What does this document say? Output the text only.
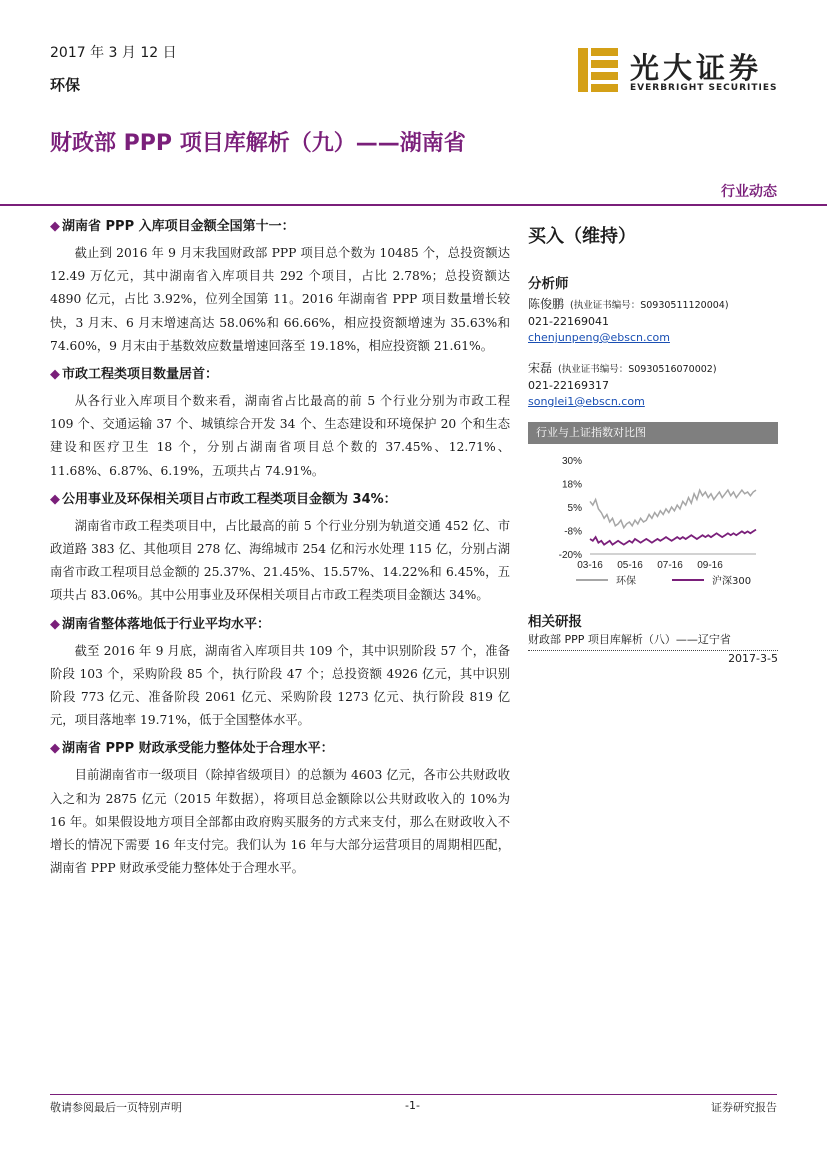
2017 年 3 月 12 日
环保	光大证券
EVERBRIGHT SECURITIES
财政部 PPP 项目库解析（九）——湖南省
行业动态
◆ 湖南省 PPP 入库项目金额全国第十一：

截止到 2016 年 9 月末我国财政部 PPP 项目总个数为 10485 个，总投资额达 12.49 万亿元，其中湖南省入库项目共 292 个项目，占比 2.78%；总投资额达 4890 亿元，占比 3.92%，位列全国第 11。2016 年湖南省 PPP 项目数量增长较快，3 月末、6 月末增速高达 58.06%和 66.66%，相应投资额增速为 35.63%和 74.60%，9 月末由于基数效应数量增速回落至 19.18%，相应投资额 21.61%。

◆ 市政工程类项目数量居首：

从各行业入库项目个数来看，湖南省占比最高的前 5 个行业分别为市政工程 109 个、交通运输 37 个、城镇综合开发 34 个、生态建设和环境保护 20 个和生态建设和医疗卫生 18 个，分别占湖南省项目总个数的 37.45%、12.71%、11.68%、6.87%、6.19%，五项共占 74.91%。

◆ 公用事业及环保相关项目占市政工程类项目金额为 34%：

湖南省市政工程类项目中，占比最高的前 5 个行业分别为轨道交通 452 亿、市政道路 383 亿、其他项目 278 亿、海绵城市 254 亿和污水处理 115 亿，分别占湖南省市政工程项目总金额的 25.37%、21.45%、15.57%、14.22%和 6.45%，五项共占 83.06%。其中公用事业及环保相关项目占市政工程类项目金额达 34%。

◆ 湖南省整体落地低于行业平均水平：

截至 2016 年 9 月底，湖南省入库项目共 109 个，其中识别阶段 57 个，准备阶段 103 个，采购阶段 85 个，执行阶段 47 个；总投资额 4926 亿元，其中识别阶段 773 亿元、准备阶段 2061 亿元、采购阶段 1273 亿元、执行阶段 819 亿元，项目落地率 19.71%，低于全国整体水平。

◆ 湖南省 PPP 财政承受能力整体处于合理水平：

目前湖南省市一级项目（除掉省级项目）的总额为 4603 亿元，各市公共财政收入之和为 2875 亿元（2015 年数据），将项目总金额除以公共财政收入的 10%为 16 年。如果假设地方项目全部都由政府购买服务的方式来支付，那么在财政收入不增长的情况下需要 16 年支付完。我们认为 16 年与大部分运营项目的周期相匹配，湖南省 PPP 财政承受能力整体处于合理水平。

买入（维持）
分析师
陈俊鹏 (执业证书编号：S0930511120004)
021-22169041
chenjunpeng@ebscn.com
宋磊 (执业证书编号：S0930516070002)
021-22169317
songlei1@ebscn.com
行业与上证指数对比图
30%
18%
5%
-8%
-20%
03-16 05-16 07-16 09-16
环保	沪深300
相关研报
财政部 PPP 项目库解析（八）——辽宁省
2017-3-5
敬请参阅最后一页特别声明	-1-	证券研究报告
